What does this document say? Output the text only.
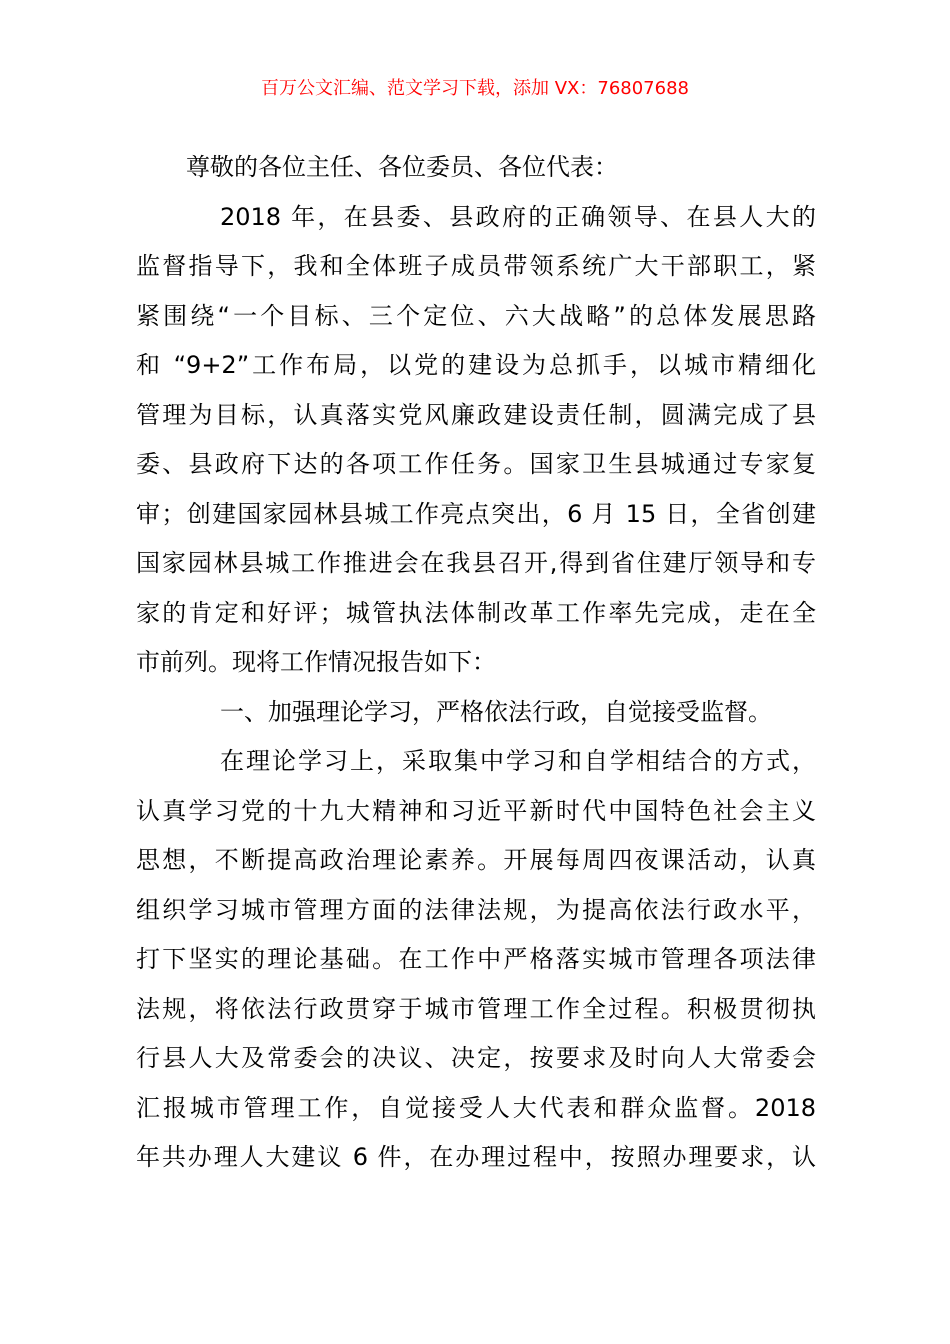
百万公文汇编、范文学习下载，添加 VX：76807688
尊敬的各位主任、各位委员、各位代表：
2018 年，在县委、县政府的正确领导、在县人大的
监督指导下，我和全体班子成员带领系统广大干部职工，紧
紧围绕“一个目标、三个定位、六大战略”的总体发展思路
和 “9+2”工作布局，以党的建设为总抓手，以城市精细化
管理为目标，认真落实党风廉政建设责任制，圆满完成了县
委、县政府下达的各项工作任务。国家卫生县城通过专家复
审；创建国家园林县城工作亮点突出，6 月 15 日，全省创建
国家园林县城工作推进会在我县召开,得到省住建厅领导和专
家的肯定和好评；城管执法体制改革工作率先完成，走在全
市前列。现将工作情况报告如下：
一、加强理论学习，严格依法行政，自觉接受监督。
在理论学习上，采取集中学习和自学相结合的方式，
认真学习党的十九大精神和习近平新时代中国特色社会主义
思想，不断提高政治理论素养。开展每周四夜课活动，认真
组织学习城市管理方面的法律法规，为提高依法行政水平，
打下坚实的理论基础。在工作中严格落实城市管理各项法律
法规，将依法行政贯穿于城市管理工作全过程。积极贯彻执
行县人大及常委会的决议、决定，按要求及时向人大常委会
汇报城市管理工作，自觉接受人大代表和群众监督。2018
年共办理人大建议 6 件，在办理过程中，按照办理要求，认
